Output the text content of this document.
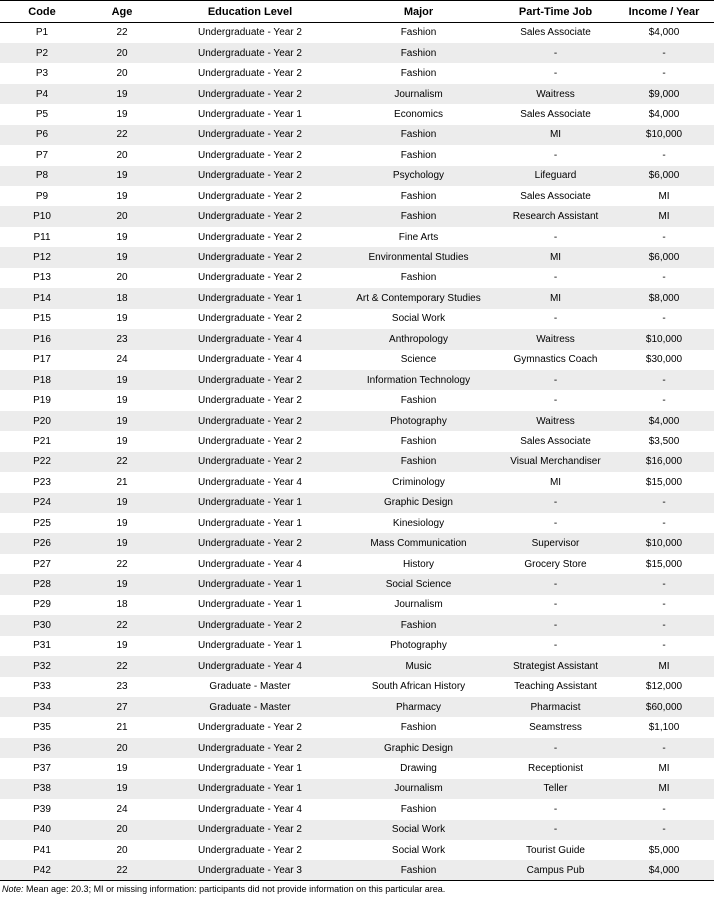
Code	Age	Education Level	Major	Part-Time Job	Income / Year
P1	22	Undergraduate - Year 2	Fashion	Sales Associate	$4,000
P2	20	Undergraduate - Year 2	Fashion	-	-
P3	20	Undergraduate - Year 2	Fashion	-	-
P4	19	Undergraduate - Year 2	Journalism	Waitress	$9,000
P5	19	Undergraduate - Year 1	Economics	Sales Associate	$4,000
P6	22	Undergraduate - Year 2	Fashion	MI	$10,000
P7	20	Undergraduate - Year 2	Fashion	-	-
P8	19	Undergraduate - Year 2	Psychology	Lifeguard	$6,000
P9	19	Undergraduate - Year 2	Fashion	Sales Associate	MI
P10	20	Undergraduate - Year 2	Fashion	Research Assistant	MI
P11	19	Undergraduate - Year 2	Fine Arts	-	-
P12	19	Undergraduate - Year 2	Environmental Studies	MI	$6,000
P13	20	Undergraduate - Year 2	Fashion	-	-
P14	18	Undergraduate - Year 1	Art & Contemporary Studies	MI	$8,000
P15	19	Undergraduate - Year 2	Social Work	-	-
P16	23	Undergraduate - Year 4	Anthropology	Waitress	$10,000
P17	24	Undergraduate - Year 4	Science	Gymnastics Coach	$30,000
P18	19	Undergraduate - Year 2	Information Technology	-	-
P19	19	Undergraduate - Year 2	Fashion	-	-
P20	19	Undergraduate - Year 2	Photography	Waitress	$4,000
P21	19	Undergraduate - Year 2	Fashion	Sales Associate	$3,500
P22	22	Undergraduate - Year 2	Fashion	Visual Merchandiser	$16,000
P23	21	Undergraduate - Year 4	Criminology	MI	$15,000
P24	19	Undergraduate - Year 1	Graphic Design	-	-
P25	19	Undergraduate - Year 1	Kinesiology	-	-
P26	19	Undergraduate - Year 2	Mass Communication	Supervisor	$10,000
P27	22	Undergraduate - Year 4	History	Grocery Store	$15,000
P28	19	Undergraduate - Year 1	Social Science	-	-
P29	18	Undergraduate - Year 1	Journalism	-	-
P30	22	Undergraduate - Year 2	Fashion	-	-
P31	19	Undergraduate - Year 1	Photography	-	-
P32	22	Undergraduate - Year 4	Music	Strategist Assistant	MI
P33	23	Graduate - Master	South African History	Teaching Assistant	$12,000
P34	27	Graduate - Master	Pharmacy	Pharmacist	$60,000
P35	21	Undergraduate - Year 2	Fashion	Seamstress	$1,100
P36	20	Undergraduate - Year 2	Graphic Design	-	-
P37	19	Undergraduate - Year 1	Drawing	Receptionist	MI
P38	19	Undergraduate - Year 1	Journalism	Teller	MI
P39	24	Undergraduate - Year 4	Fashion	-	-
P40	20	Undergraduate - Year 2	Social Work	-	-
P41	20	Undergraduate - Year 2	Social Work	Tourist Guide	$5,000
P42	22	Undergraduate - Year 3	Fashion	Campus Pub	$4,000
Note: Mean age: 20.3; MI or missing information: participants did not provide information on this particular area.
